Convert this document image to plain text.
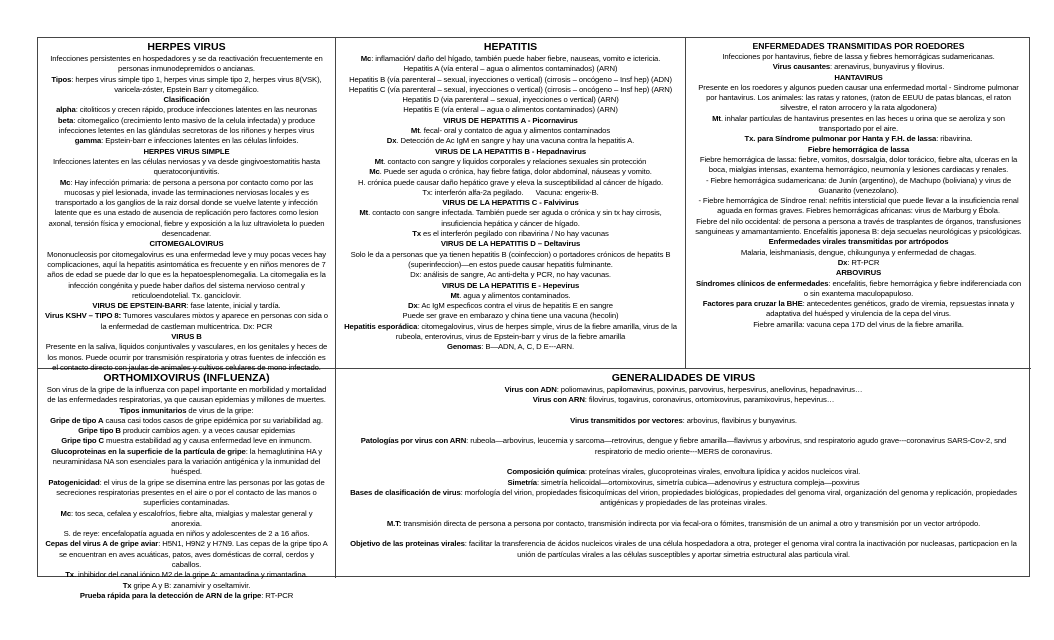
HERPES VIRUS
Infecciones persistentes en hospedadores y se da reactivación frecuentemente en personas inmunodepremidos o ancianas.
Tipos: herpes virus simple tipo 1, herpes virus simple tipo 2, herpes virus 8(VSK), varicela-zóster, Epstein Barr y citomegálico.
Clasificación
alpha: citoliticos y crecen rápido, produce infecciones latentes en las neuronas
beta: citomegalico (crecimiento lento masivo de la celula infectada) y produce infecciones letentes en las glándulas secretoras de los riñones y herpes virus
gamma: Epstein-barr e infecciones latentes en las células linfoides.
HERPES VIRUS SIMPLE
Infecciones latentes en las células nerviosas y va desde gingivoestomatitis hasta queratoconjuntivitis.
Mc: Hay infección primaria: de persona a persona por contacto como por las mucosas y piel lesionada, invade las terminaciones nerviosas locales y es transportado a los ganglios de la raiz dorsal donde se vuelve latente y infección latente que es una estado de ausencia de replicación pero factores como lesion axonal, tensión física y emocional, fiebre y exposición a la luz ultravioleta lo pueden desencadenar.
CITOMEGALOVIRUS
Mononucleosis por citomegalovirus es una enfermedad leve y muy pocas veces hay complicaciones, aquí la hepatitis asintomática es frecuente y en niños menores de 7 años de edad se puede dar lo que es la hepatoesplenomegalia. La citomegalia es la infección congénita y puede haber daños del sistema nervioso central y reticuloendotelial. Tx. ganciclovir.
VIRUS DE EPSTEIN-BARR: fase latente, inicial y tardía.
Virus KSHV – TIPO 8: Tumores vasculares mixtos y aparece en personas con sida o la enfermedad de castleman multicentrica. Dx: PCR
VIRUS B
Presente en la saliva, liquidos conjuntivales y vasculares, en los genitales y heces de los monos. Puede ocurrir por transmisión respiratoria y otras fuentes de infección es el contacto directo con jaulas de animales y cultivos celulares de mono infectado.
HEPATITIS
Mc: inflamación/ daño del hígado, también puede haber fiebre, nauseas, vomito e ictericia.
Hepatitis A (vía enteral – agua o alimentos contaminados) (ARN)
Hepatitis B (vía parenteral – sexual, inyecciones o vertical) (cirrosis – oncógeno – Insf hep) (ADN)
Hepatitis C (vía parenteral – sexual, inyecciones o vertical) (cirrosis – oncógeno – Insf hep) (ARN)
Hepatitis D (via parenteral – sexual, inyecciones o vertical) (ARN)
Hepatitis E (vía enteral – agua o alimentos contaminados) (ARN)
VIRUS DE HEPATITIS A - Picornavirus
Mt. fecal- oral y contatco de agua y alimentos contaminados
Dx. Detección de Ac IgM en sangre y hay una vacuna contra la hepatitis A.
VIRUS DE LA HEPATITIS B - Hepadnavirus
Mt. contacto con sangre y liquidos corporales y relaciones sexuales sin protección
Mc. Puede ser aguda o crónica, hay fiebre fatiga, dolor abdominal, náuseas y vomito.
H. crónica puede causar daño hepático grave y eleva la susceptibilidad al cáncer de hígado.
Tx: interferón alfa-2a pegilado.      Vacuna: engerix-B.
VIRUS DE LA HEPATITIS C - Falvivirus
Mt. contacto con sangre infectada. También puede ser aguda o crónica y sin tx hay cirrosis, insuficiencia hepática y cáncer de hígado.
Tx es el interferón pegilado con ribavirina / No hay vacunas
VIRUS DE LA HEPATITIS D – Deltavirus
Solo le da a personas que ya tienen hepatitis B (coinfeccion) o portadores crónicos de hepatits B (superinfeccion)—en estos puede causar hepatitis fulminante.
Dx: análisis de sangre, Ac anti-delta y PCR, no hay vacunas.
VIRUS DE LA HEPATITIS E - Hepevirus
Mt. agua y alimentos contaminados.
Dx: Ac IgM especficos contra el virus de hepatitis E en sangre
Puede ser grave en embarazo y china tiene una vacuna (hecolin)
Hepatitis esporádica: citomegalovirus, virus de herpes simple, virus de la fiebre amarilla, virus de la rubeola, enterovirus, virus de Epstein-barr y virus de la fiebre amarilla
Genomas: B—ADN, A, C, D E---ARN.
ENFERMEDADES TRANSMITIDAS POR ROEDORES
Infecciones por hantavirus, fiebre de lassa y fiebres hemorrágicas sudamericanas.
Virus causantes: arenavirus, bunyavirus y filovirus.
HANTAVIRUS
Presente en los roedores y algunos pueden causar una enfermedad mortal - Sindrome pulmonar por hantavirus. Los animales: las ratas y ratones, (raton de EEUU de patas blancas, el raton silvestre, el raton arrocero y la rata algodonera)
Mt. inhalar partículas de hantavirus presentes en las heces u orina que se aeroliza y son transportado por el aire.
Tx. para Síndrome pulmonar por Hanta y F.H. de lassa: ribavirina.
Fiebre hemorrágica de lassa
Fiebre hemorrágica de lassa: fiebre, vomitos, dosrsalgia, dolor torácico, fiebre alta, ulceras en la boca, mialgias intensas, exantema hemorrágico, neumonía y lesiones cardiacas y renales.
- Fiebre hemorrágica sudamericana: de Junín (argentino), de Machupo (boliviana) y virus de Guanarito (venezolano).
- Fiebre hemorrágica de Síndroe renal: nefritis intersticial que puede llevar a la insuficiencia renal aguada en formas graves. Fiebres hemorrágicas africanas: virus de Marburg y Ébola.
Fiebre del nilo occidental: de persona a persona a través de trasplantes de órganos, transfusiones sanguineas y amamantamiento. Encefalitis japonesa B: deja secuelas neurológicas y psicológicas.
Enfermedades virales transmitidas por artrópodos
Malaria, leishmaniasis, dengue, chikungunya y enfermedad de chagas.
Dx: RT-PCR
ARBOVIRUS
Síndromes clínicos de enfermedades: encefalitis, fiebre hemorrágica y fiebre indiferenciada con o sin exantema maculopapuloso.
Factores para cruzar la BHE: antecedentes genéticos, grado de viremia, repsuestas innata y adaptativa del huésped y virulencia de la cepa del virus.
Fiebre amarilla: vacuna cepa 17D del virus de la fiebre amarilla.
ORTHOMIXOVIRUS (INFLUENZA)
Son virus de la gripe de la influenza con papel importante en morbilidad y mortalidad de las enfermedades respiratorias, ya que causan epidemias y millones de muertes.
Tipos inmunitarios de virus de la gripe:
Gripe de tipo A causa casi todos casos de gripe epidémica por su variabilidad ag.
Gripe tipo B producir cambios agen. y a veces causar epidemias
Gripe tipo C muestra estabilidad ag y causa enfermedad leve en inmuncm.
Glucoproteinas en la superficie de la partícula de gripe: la hemaglutinina HA y neuraminidasa NA son esenciales para la variación antigénica y la inmunidad del huésped.
Patogenicidad: el virus de la gripe se disemina entre las personas por las gotas de secreciones respiratorias presentes en el aire o por el contacto de las manos o superficies contaminadas.
Mc: tos seca, cefalea y escalofríos, fiebre alta, mialgias y malestar general y anorexia.
S. de reye: encefalopatía aguada en niños y adolescentes de 2 a 16 años.
Cepas del virus A de gripe aviar: H5N1, H9N2 y H7N9. Las cepas de la gripe tipo A se encuentran en aves acuáticas, patos, aves domésticas de corral, cerdos y caballos.
Tx. inhibidor del canal iónico M2 de la gripe A: amantadina y rimantadina.
Tx gripe A y B: zanamivir y oseltamivir.
Prueba rápida para la detección de ARN de la gripe: RT-PCR
GENERALIDADES DE VIRUS
Virus con ADN: poliomavirus, papilomavirus, poxvirus, parvovirus, herpesvirus, anellovirus, hepadnavirus…
Virus con ARN: filovirus, togavirus, coronavirus, ortomixovirus, paramixovirus, hepevirus…
Virus transmitidos por vectores: arbovirus, flavibirus y bunyavirus.
Patologías por virus con ARN: rubeola—arbovirus, leucemia y sarcoma—retrovirus, dengue y fiebre amarilla—flavivrus y arbovirus, snd respiratorio agudo grave---coronavirus SARS-Cov-2, snd respiratorio de medio oriente---MERS de coronavirus.
Composición química: proteínas virales, glucoproteinas virales, envoltura lipídica y acidos nucleicos viral.
Simetría: simetría helicoidal—ortomixovirus, simetría cubica—adenovirus y estructura compleja—poxvirus
Bases de clasificación de virus: morfología del virion, propiedades fisicoquímicas del virion, propiedades biológicas, propiedades del genoma viral, organización del genoma y replicación, propiedades antigénicas y propiedades de las proteinas virales.
M.T: transmisión directa de persona a persona por contacto, transmisión indirecta por via fecal-ora o fómites, transmisión de un animal a otro y transmisión por un vector artrópodo.
Objetivo de las proteinas virales: facilitar la transferencia de ácidos nucleicos virales de una célula hospedadora a otra, proteger el genoma viral contra la inactivación por nucleasas, particpacion en la unión de partículas virales a las células susceptibles y aportar simetria estructural alas particula viral.
